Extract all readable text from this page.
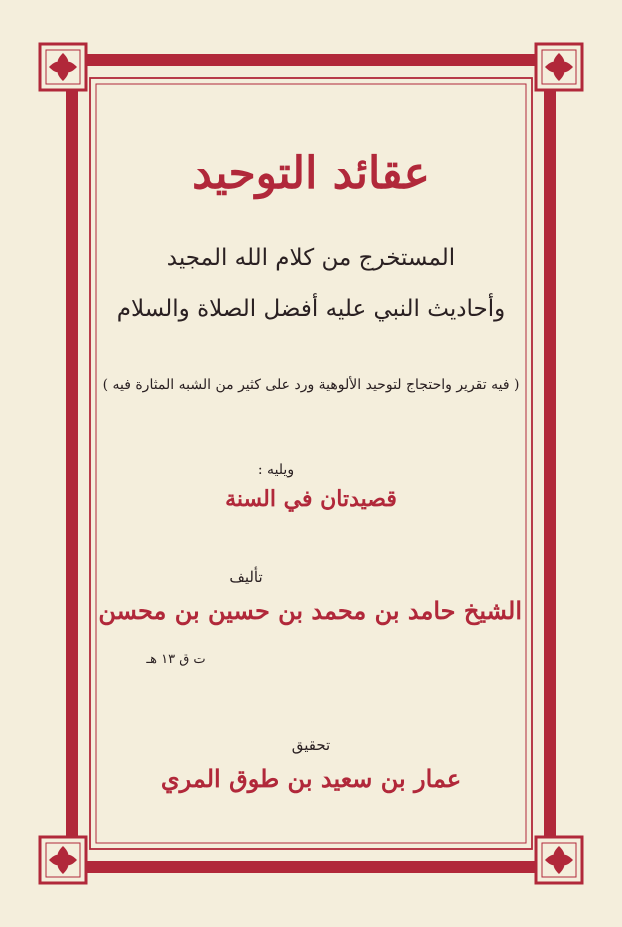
عقائد التوحيد
المستخرج من كلام الله المجيد
وأحاديث النبي عليه أفضل الصلاة والسلام
( فيه تقرير واحتجاج لتوحيد الألوهية ورد على كثير من الشبه المثارة فيه )
ويليه :
قصيدتان في السنة
تأليف
الشيخ حامد بن محمد بن حسين بن محسن
ت ق ١٣ هـ
تحقيق
عمار بن سعيد بن طوق المري
